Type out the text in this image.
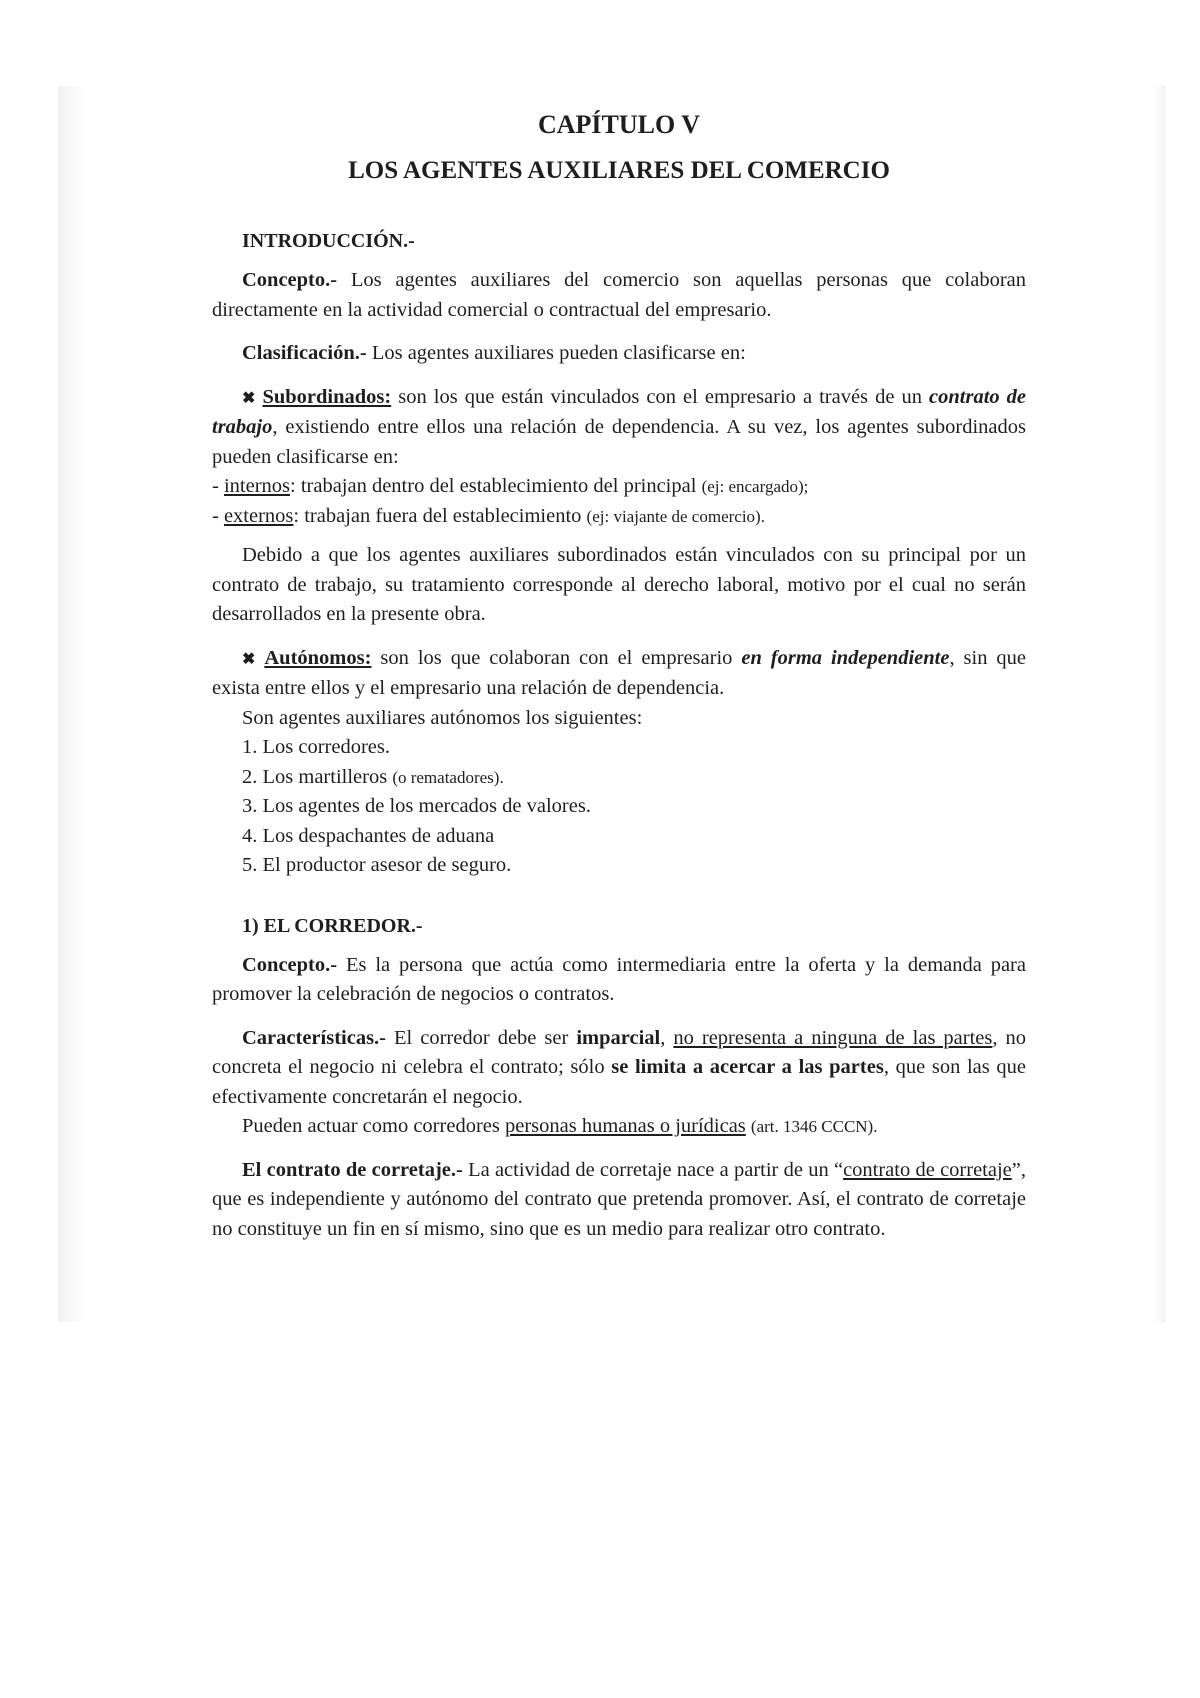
CAPÍTULO V
LOS AGENTES AUXILIARES DEL COMERCIO
INTRODUCCIÓN.-

Concepto.- Los agentes auxiliares del comercio son aquellas personas que colaboran directamente en la actividad comercial o contractual del empresario.

Clasificación.- Los agentes auxiliares pueden clasificarse en:

✖ Subordinados: son los que están vinculados con el empresario a través de un contrato de trabajo, existiendo entre ellos una relación de dependencia. A su vez, los agentes subordinados pueden clasificarse en:

- internos: trabajan dentro del establecimiento del principal (ej: encargado);

- externos: trabajan fuera del establecimiento (ej: viajante de comercio).

Debido a que los agentes auxiliares subordinados están vinculados con su principal por un contrato de trabajo, su tratamiento corresponde al derecho laboral, motivo por el cual no serán desarrollados en la presente obra.

✖ Autónomos: son los que colaboran con el empresario en forma independiente, sin que exista entre ellos y el empresario una relación de dependencia.

Son agentes auxiliares autónomos los siguientes:

1. Los corredores.

2. Los martilleros (o rematadores).

3. Los agentes de los mercados de valores.

4. Los despachantes de aduana

5. El productor asesor de seguro.

1) EL CORREDOR.-

Concepto.- Es la persona que actúa como intermediaria entre la oferta y la demanda para promover la celebración de negocios o contratos.

Características.- El corredor debe ser imparcial, no representa a ninguna de las partes, no concreta el negocio ni celebra el contrato; sólo se limita a acercar a las partes, que son las que efectivamente concretarán el negocio.

Pueden actuar como corredores personas humanas o jurídicas (art. 1346 CCCN).

El contrato de corretaje.- La actividad de corretaje nace a partir de un “contrato de corretaje”, que es independiente y autónomo del contrato que pretenda promover. Así, el contrato de corretaje no constituye un fin en sí mismo, sino que es un medio para realizar otro contrato.
